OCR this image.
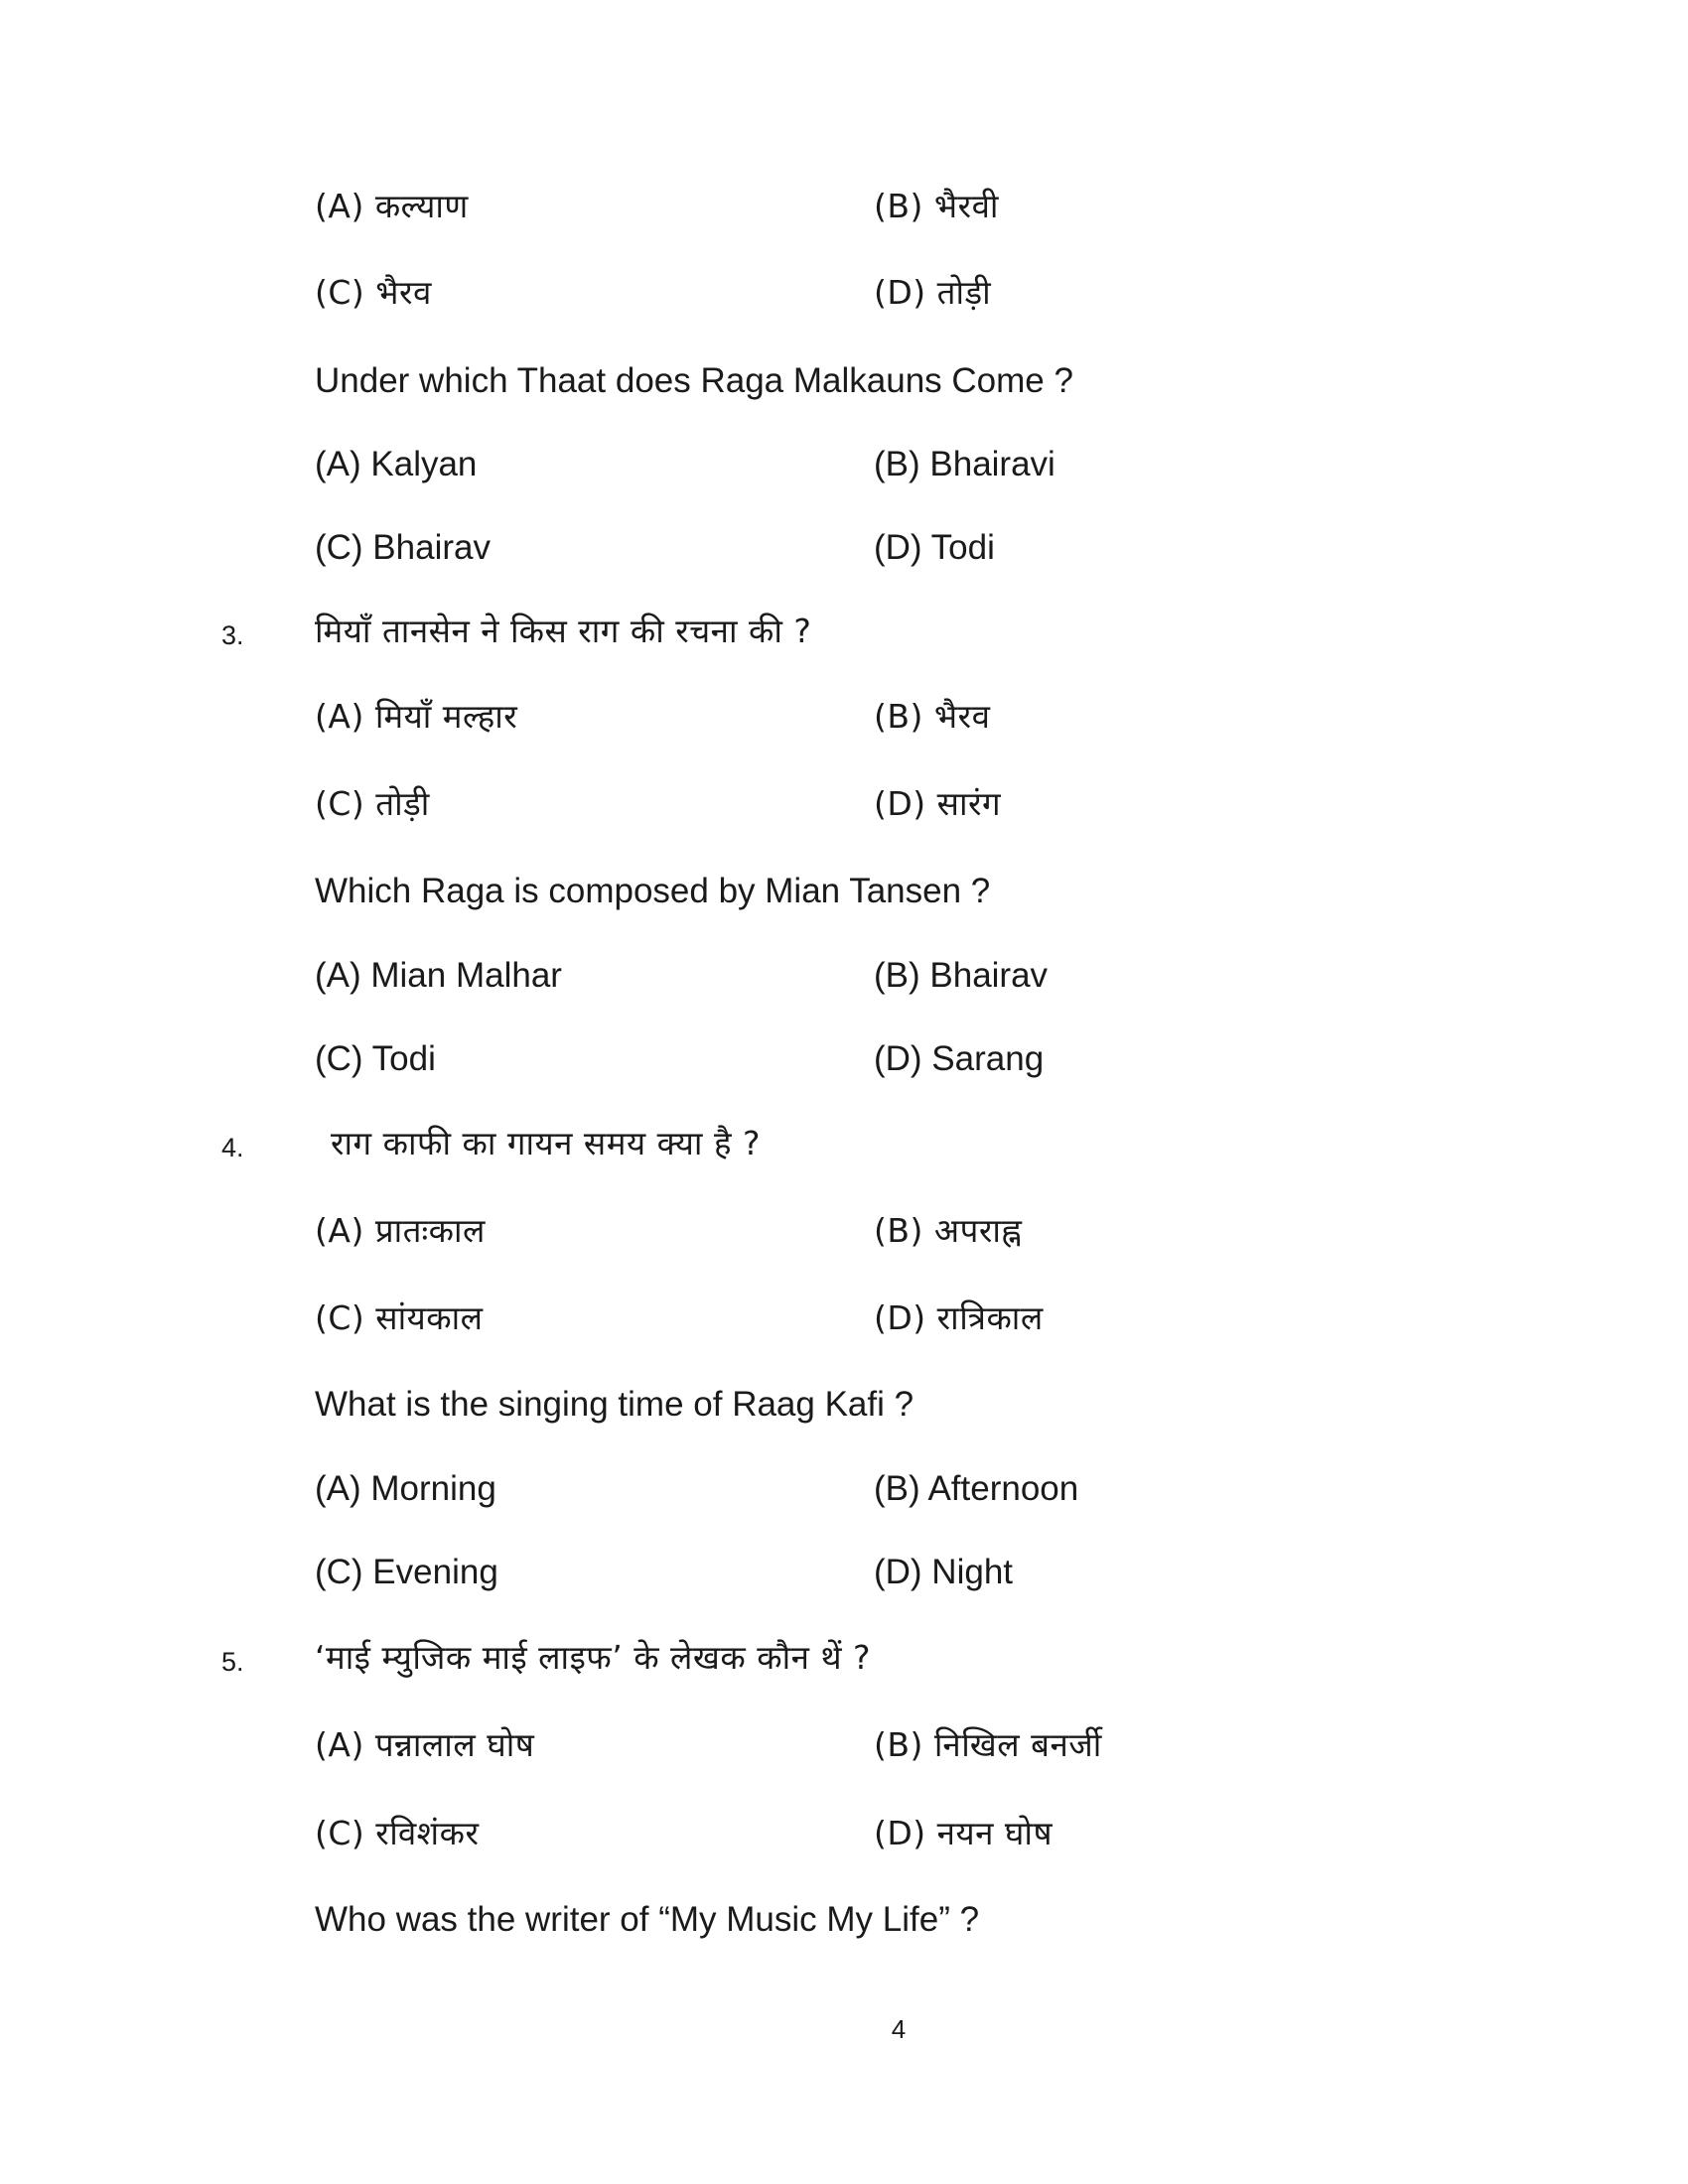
(A) कल्याण	(B) भैरवी
(C) भैरव	(D) तोड़ी
Under which Thaat does Raga Malkauns Come ?
(A) Kalyan	(B) Bhairavi
(C) Bhairav	(D) Todi
3. मियाँ तानसेन ने किस राग की रचना की ?
(A) मियाँ मल्हार	(B) भैरव
(C) तोड़ी	(D) सारंग
Which Raga is composed by Mian Tansen ?
(A) Mian Malhar	(B) Bhairav
(C) Todi	(D) Sarang
4.	राग काफी का गायन समय क्या है ?
(A) प्रातःकाल	(B) अपराह्न
(C) सांयकाल	(D) रात्रिकाल
What is the singing time of Raag Kafi ?
(A) Morning	(B) Afternoon
(C) Evening	(D) Night
5. ‘माई म्युजिक माई लाइफ’ के लेखक कौन थें ?
(A) पन्नालाल घोष	(B) निखिल बनर्जी
(C) रविशंकर	(D) नयन घोष
Who was the writer of “My Music My Life” ?
4
